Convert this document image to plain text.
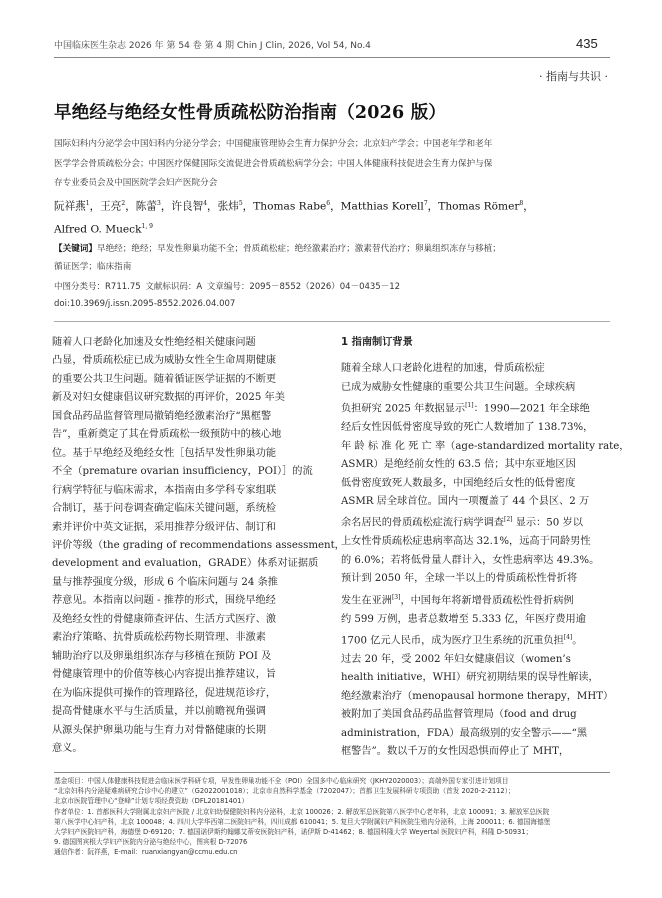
中国临床医生杂志 2026 年 第 54 卷 第 4 期 Chin J Clin, 2026, Vol 54, No.4	435
· 指南与共识 ·
早绝经与绝经女性骨质疏松防治指南（2026 版）
国际妇科内分泌学会中国妇科内分泌分学会；中国健康管理协会生育力保护分会；北京妇产学会；中国老年学和老年
医学学会骨质疏松分会；中国医疗保健国际交流促进会骨质疏松病学分会；中国人体健康科技促进会生育力保护与保
存专业委员会及中国医院学会妇产医院分会
阮祥燕$^1$，王亮$^2$，陈蕾$^3$，许良智$^4$，张炜$^5$，Thomas Rabe$^6$，Matthias Korell$^7$，Thomas Römer$^8$，
Alfred O. Mueck$^{1, 9}$
【关键词】早绝经；绝经；早发性卵巢功能不全；骨质疏松症；绝经激素治疗；激素替代治疗；卵巢组织冻存与移植；
循证医学；临床指南
中图分类号：R711.75 文献标识码：A 文章编号：2095－8552（2026）04－0435－12
doi:10.3969/j.issn.2095-8552.2026.04.007
随着人口老龄化加速及女性绝经相关健康问题
凸显，骨质疏松症已成为威胁女性全生命周期健康
的重要公共卫生问题。随着循证医学证据的不断更
新及对妇女健康倡议研究数据的再评价，2025 年美
国食品药品监督管理局撤销绝经激素治疗“黑框警
告”，重新奠定了其在骨质疏松一级预防中的核心地
位。基于早绝经及绝经女性［包括早发性卵巢功能
不全（premature ovarian insufficiency，POI）］的流
行病学特征与临床需求，本指南由多学科专家组联
合制订，基于问卷调查确定临床关键问题，系统检
索并评价中英文证据，采用推荐分级评估、制订和
评价等级（the grading of recommendations assessment，
development and evaluation，GRADE）体系对证据质
量与推荐强度分级，形成 6 个临床问题与 24 条推
荐意见。本指南以问题 - 推荐的形式，围绕早绝经
及绝经女性的骨健康筛查评估、生活方式医疗、激
素治疗策略、抗骨质疏松药物长期管理、非激素
辅助治疗以及卵巢组织冻存与移植在预防 POI 及
骨健康管理中的价值等核心内容提出推荐建议，旨
在为临床提供可操作的管理路径，促进规范诊疗，
提高骨健康水平与生活质量，并以前瞻视角强调
从源头保护卵巢功能与生育力对骨骼健康的长期
意义。
1 指南制订背景
随着全球人口老龄化进程的加速，骨质疏松症
已成为威胁女性健康的重要公共卫生问题。全球疾病
负担研究 2025 年数据显示[1]：1990—2021 年全球绝
经后女性因低骨密度导致的死亡人数增加了 138.73%，
年 龄 标 准 化 死 亡 率（age-standardized mortality rate，
ASMR）是绝经前女性的 63.5 倍；其中东亚地区因
低骨密度致死人数最多，中国绝经后女性的低骨密度
ASMR 居全球首位。国内一项覆盖了 44 个县区、2 万
余名居民的骨质疏松症流行病学调查[2] 显示：50 岁以
上女性骨质疏松症患病率高达 32.1%，远高于同龄男性
的 6.0%；若将低骨量人群计入，女性患病率达 49.3%。
预计到 2050 年，全球一半以上的骨质疏松性骨折将
发生在亚洲[3]，中国每年将新增骨质疏松性骨折病例
约 599 万例，患者总数增至 5.333 亿，年医疗费用逾
1700 亿元人民币，成为医疗卫生系统的沉重负担[4]。
过去 20 年，受 2002 年妇女健康倡议（women’s
health initiative，WHI）研究初期结果的误导性解读，
绝经激素治疗（menopausal hormone therapy，MHT）
被附加了美国食品药品监督管理局（food and drug
administration，FDA）最高级别的安全警示——“黑
框警告”。数以千万的女性因恐惧而停止了 MHT，
基金项目：中国人体健康科技促进会临床医学科研专项，早发性卵巢功能不全（POI）全国多中心临床研究（JKHY2020003）；高端外国专家引进计划项目
“北京妇科内分泌疑难病研究合诊中心的建立”（G2022001018）；北京市自然科学基金（7202047）；首都卫生发展科研专项资助（首发 2020-2-2112）；
北京市医院管理中心“登峰”计划专项经费资助（DFL20181401）
作者单位：1. 首都医科大学附属北京妇产医院 / 北京妇幼保健院妇科内分泌科，北京 100026；2. 解放军总医院第八医学中心老年科，北京 100091；3. 解放军总医院
第八医学中心妇产科，北京 100048；4. 四川大学华西第二医院妇产科，四川成都 610041；5. 复旦大学附属妇产科医院生殖内分泌科，上海 200011；6. 德国海德堡
大学妇产医院妇产科，海德堡 D-69120；7. 德国诺伊斯约翰娜艾蒂安医院妇产科，诺伊斯 D-41462；8. 德国科隆大学 Weyertal 医院妇产科，科隆 D-50931；
9. 德国图宾根大学妇产医院内分泌与绝经中心，图宾根 D-72076
通信作者：阮祥燕，E-mail：ruanxiangyan@ccmu.edu.cn
